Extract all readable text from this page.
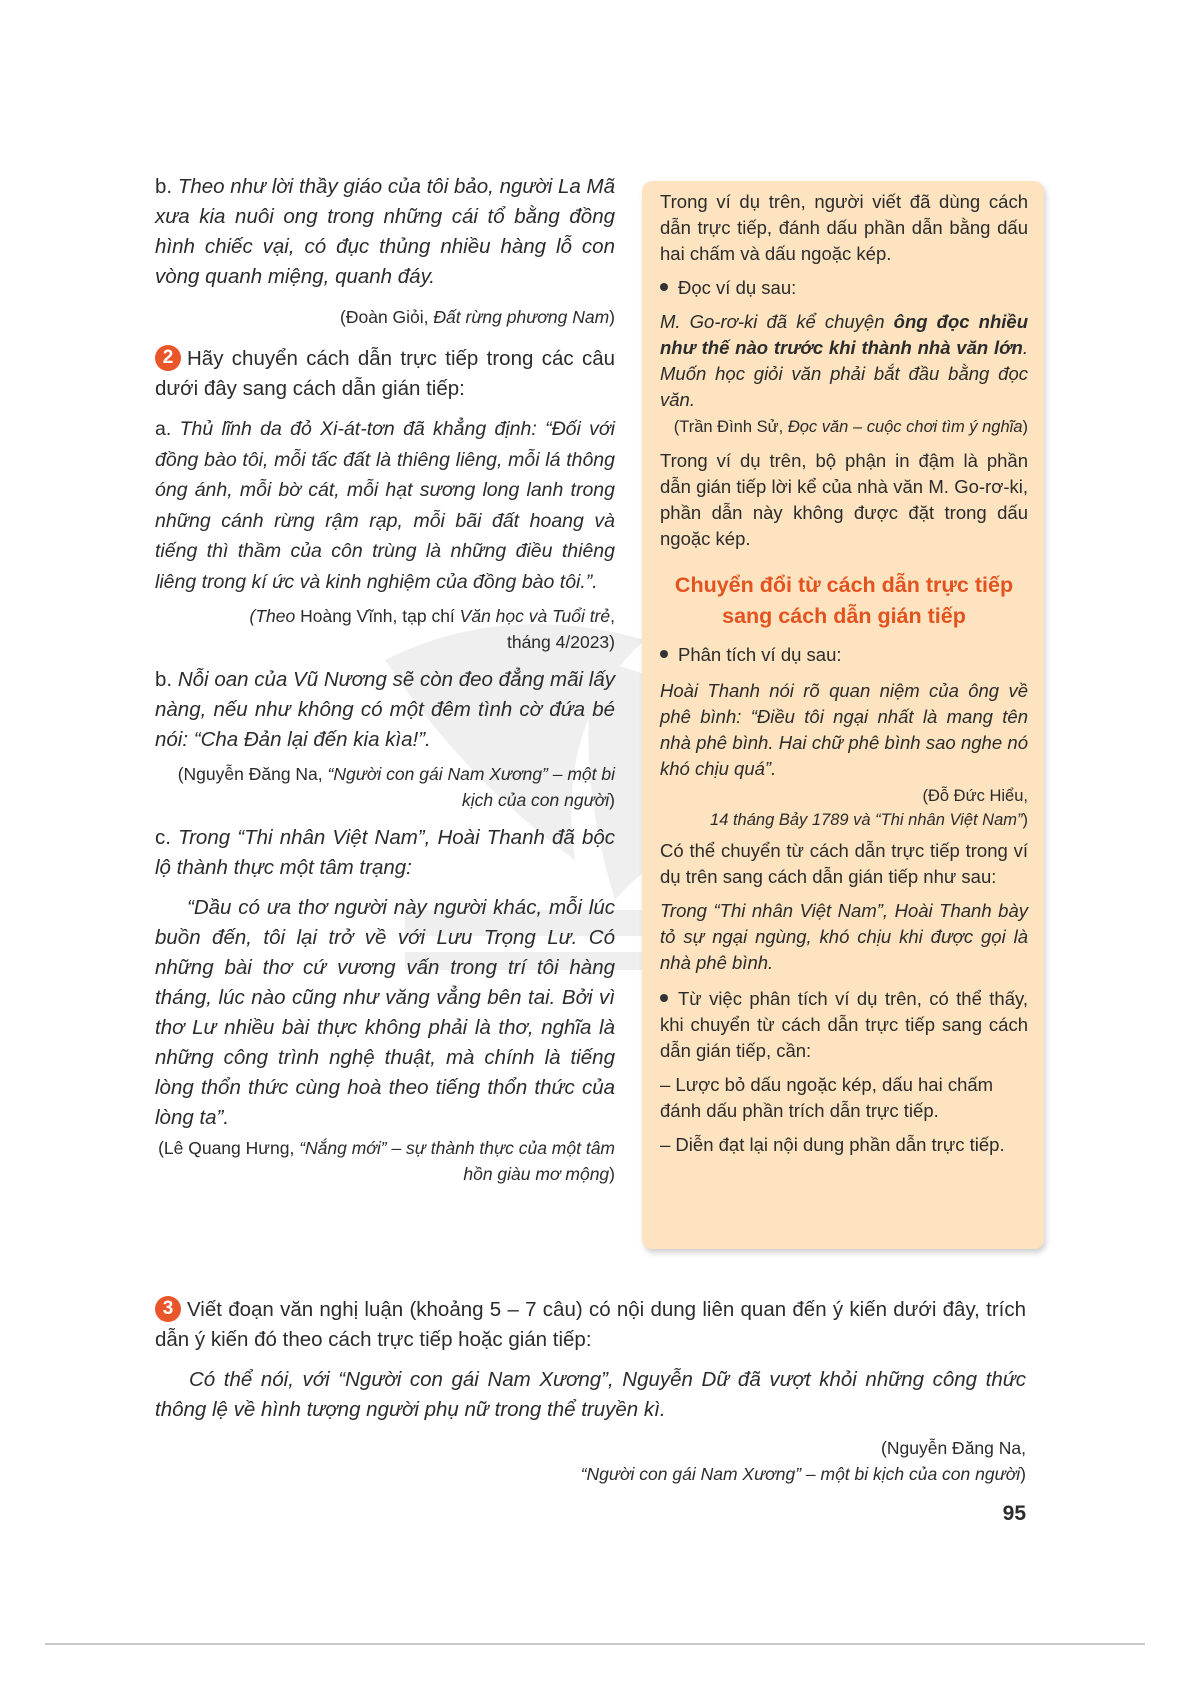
b. Theo như lời thầy giáo của tôi bảo, người La Mã xưa kia nuôi ong trong những cái tổ bằng đồng hình chiếc vại, có đục thủng nhiều hàng lỗ con vòng quanh miệng, quanh đáy.

(Đoàn Giỏi, Đất rừng phương Nam)

2 Hãy chuyển cách dẫn trực tiếp trong các câu dưới đây sang cách dẫn gián tiếp:

a. Thủ lĩnh da đỏ Xi-át-tơn đã khẳng định: “Đối với đồng bào tôi, mỗi tấc đất là thiêng liêng, mỗi lá thông óng ánh, mỗi bờ cát, mỗi hạt sương long lanh trong những cánh rừng rậm rạp, mỗi bãi đất hoang và tiếng thì thầm của côn trùng là những điều thiêng liêng trong kí ức và kinh nghiệm của đồng bào tôi.”.

(Theo Hoàng Vĩnh, tạp chí Văn học và Tuổi trẻ,
tháng 4/2023)

b. Nỗi oan của Vũ Nương sẽ còn đeo đẳng mãi lấy nàng, nếu như không có một đêm tình cờ đứa bé nói: “Cha Đản lại đến kia kìa!”.

(Nguyễn Đăng Na, “Người con gái Nam Xương” – một bi kịch của con người)

c. Trong “Thi nhân Việt Nam”, Hoài Thanh đã bộc lộ thành thực một tâm trạng:

“Dầu có ưa thơ người này người khác, mỗi lúc buồn đến, tôi lại trở về với Lưu Trọng Lư. Có những bài thơ cứ vương vấn trong trí tôi hàng tháng, lúc nào cũng như văng vẳng bên tai. Bởi vì thơ Lư nhiều bài thực không phải là thơ, nghĩa là những công trình nghệ thuật, mà chính là tiếng lòng thổn thức cùng hoà theo tiếng thổn thức của lòng ta”.

(Lê Quang Hưng, “Nắng mới” – sự thành thực của một tâm hồn giàu mơ mộng)

Trong ví dụ trên, người viết đã dùng cách dẫn trực tiếp, đánh dấu phần dẫn bằng dấu hai chấm và dấu ngoặc kép.

Đọc ví dụ sau:

M. Go-rơ-ki đã kể chuyện ông đọc nhiều như thế nào trước khi thành nhà văn lớn. Muốn học giỏi văn phải bắt đầu bằng đọc văn.

(Trần Đình Sử, Đọc văn – cuộc chơi tìm ý nghĩa)

Trong ví dụ trên, bộ phận in đậm là phần dẫn gián tiếp lời kể của nhà văn M. Go-rơ-ki, phần dẫn này không được đặt trong dấu ngoặc kép.

Chuyển đổi từ cách dẫn trực tiếp

sang cách dẫn gián tiếp

Phân tích ví dụ sau:

Hoài Thanh nói rõ quan niệm của ông về phê bình: “Điều tôi ngại nhất là mang tên nhà phê bình. Hai chữ phê bình sao nghe nó khó chịu quá”.

(Đỗ Đức Hiểu,
14 tháng Bảy 1789 và “Thi nhân Việt Nam”)

Có thể chuyển từ cách dẫn trực tiếp trong ví dụ trên sang cách dẫn gián tiếp như sau:

Trong “Thi nhân Việt Nam”, Hoài Thanh bày tỏ sự ngại ngùng, khó chịu khi được gọi là nhà phê bình.

Từ việc phân tích ví dụ trên, có thể thấy, khi chuyển từ cách dẫn trực tiếp sang cách dẫn gián tiếp, cần:

– Lược bỏ dấu ngoặc kép, dấu hai chấm đánh dấu phần trích dẫn trực tiếp.

– Diễn đạt lại nội dung phần dẫn trực tiếp.

3 Viết đoạn văn nghị luận (khoảng 5 – 7 câu) có nội dung liên quan đến ý kiến dưới đây, trích dẫn ý kiến đó theo cách trực tiếp hoặc gián tiếp:

Có thể nói, với “Người con gái Nam Xương”, Nguyễn Dữ đã vượt khỏi những công thức thông lệ về hình tượng người phụ nữ trong thể truyền kì.

(Nguyễn Đăng Na,
“Người con gái Nam Xương” – một bi kịch của con người)

95
